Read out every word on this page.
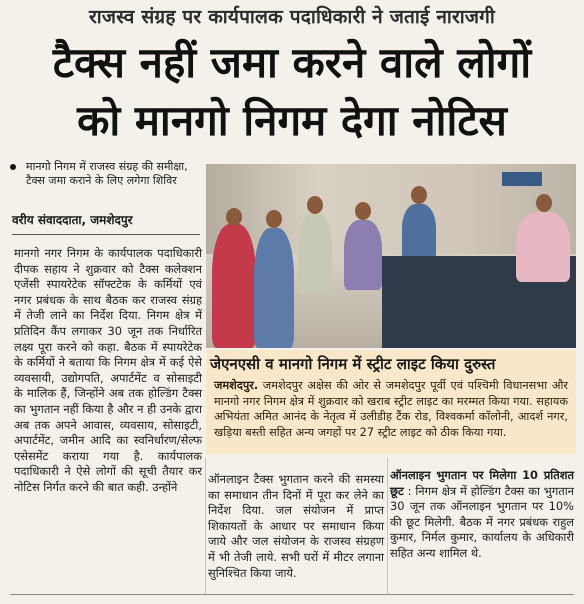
राजस्व संग्रह पर कार्यपालक पदाधिकारी ने जताई नाराजगी
टैक्स नहीं जमा करने वाले लोगों
को मानगो निगम देगा नोटिस
मानगो निगम में राजस्व संग्रह की समीक्षा, टैक्स जमा कराने के लिए लगेगा शिविर
वरीय संवाददाता, जमशेदपुर
मानगो नगर निगम के कार्यपालक पदाधिकारी दीपक सहाय ने शुक्रवार को टैक्स कलेक्शन एजेंसी स्पायरेटेक सॉफ्टटेक के कर्मियों एवं नगर प्रबंधक के साथ बैठक कर राजस्व संग्रह में तेजी लाने का निर्देश दिया. निगम क्षेत्र में प्रतिदिन कैंप लगाकर 30 जून तक निर्धारित लक्ष्य पूरा करने को कहा. बैठक में स्पायरेटेक के कर्मियों ने बताया कि निगम क्षेत्र में कई ऐसे व्यवसायी, उद्योगपति, अपार्टमेंट व सोसाइटी के मालिक हैं, जिन्होंने अब तक होल्डिंग टैक्स का भुगतान नहीं किया है और न ही उनके द्वारा अब तक अपने आवास, व्यवसाय, सोसाइटी, अपार्टमेंट, जमीन आदि का स्वनिर्धारण/सेल्फ एसेसमेंट कराया गया है. कार्यपालक पदाधिकारी ने ऐसे लोगों की सूची तैयार कर नोटिस निर्गत करने की बात कही. उन्होंने
जेएनएसी व मानगो निगम में स्ट्रीट लाइट किया दुरुस्त
जमशेदपुर. जमशेदपुर अक्षेस की ओर से जमशेदपुर पूर्वी एवं पश्चिमी विधानसभा और मानगो नगर निगम क्षेत्र में शुक्रवार को खराब स्ट्रीट लाइट का मरम्मत किया गया. सहायक अभियंता अमित आनंद के नेतृत्व में उलीडीह टैंक रोड, विश्वकर्मा कॉलोनी, आदर्श नगर, खड़िया बस्ती सहित अन्य जगहों पर 27 स्ट्रीट लाइट को ठीक किया गया.
ऑनलाइन टैक्स भुगतान करने की समस्या का समाधान तीन दिनों में पूरा कर लेने का निर्देश दिया. जल संयोजन में प्राप्त शिकायतों के आधार पर समाधान किया जाये और जल संयोजन के राजस्व संग्रहण में भी तेजी लाये. सभी घरों में मीटर लगाना सुनिश्चित किया जाये.
ऑनलाइन भुगतान पर मिलेगा 10 प्रतिशत छूट : निगम क्षेत्र में होल्डिंग टैक्स का भुगतान 30 जून तक ऑनलाइन भुगतान पर 10% की छूट मिलेगी. बैठक में नगर प्रबंधक राहुल कुमार, निर्मल कुमार, कार्यालय के अधिकारी सहित अन्य शामिल थे.
